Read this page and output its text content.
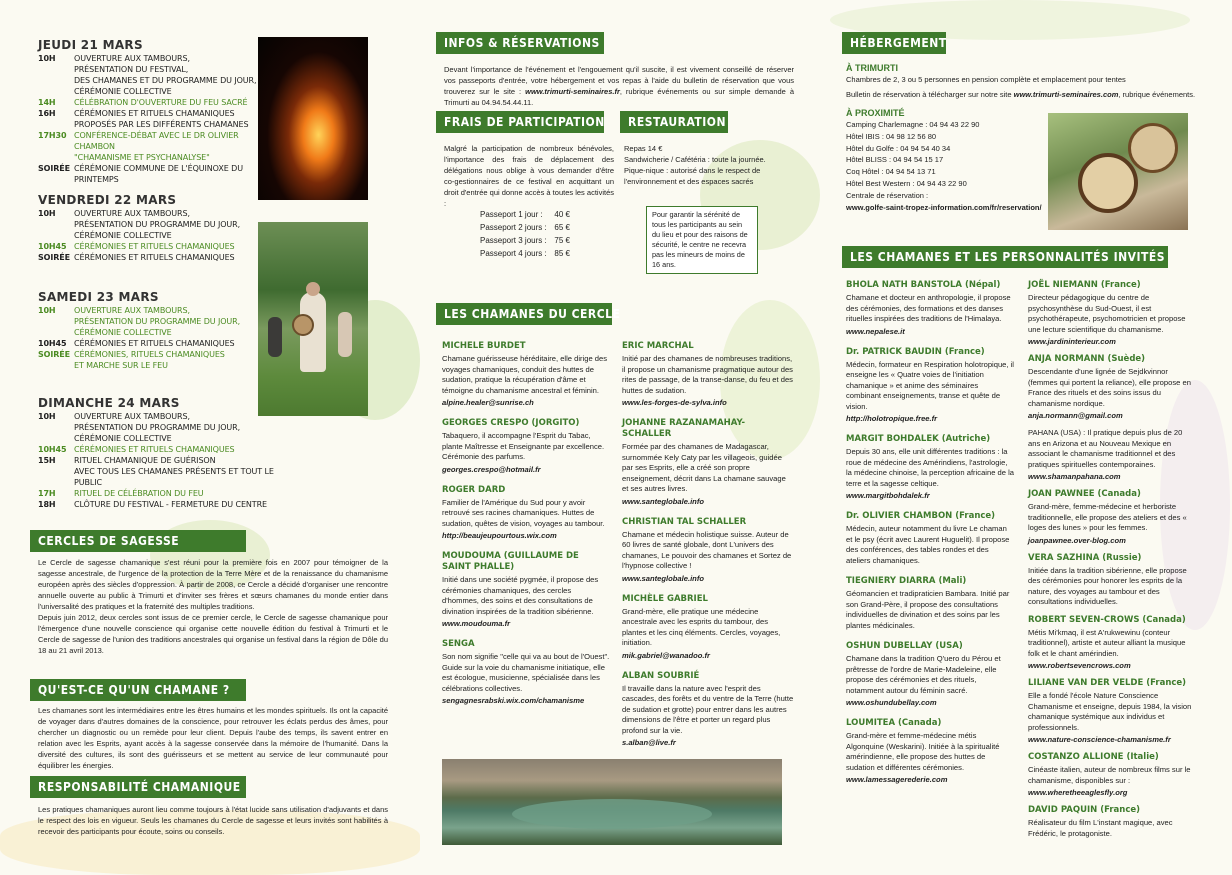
JEUDI 21 MARS
10H	OUVERTURE AUX TAMBOURS,
PRÉSENTATION DU FESTIVAL,
DES CHAMANES ET DU PROGRAMME DU JOUR,
CÉRÉMONIE COLLECTIVE
14H	CÉLÉBRATION D'OUVERTURE DU FEU SACRÉ
16H	CÉRÉMONIES ET RITUELS CHAMANIQUES
PROPOSÉS PAR LES DIFFÉRENTS CHAMANES
17H30 CONFÉRENCE-DÉBAT AVEC LE DR OLIVIER CHAMBON
"CHAMANISME ET PSYCHANALYSE"
SOIRÉE CÉRÉMONIE COMMUNE DE L'ÉQUINOXE DU PRINTEMPS
VENDREDI 22 MARS
10H	OUVERTURE AUX TAMBOURS,
PRÉSENTATION DU PROGRAMME DU JOUR,
CÉRÉMONIE COLLECTIVE
10H45 CÉRÉMONIES ET RITUELS CHAMANIQUES
SOIRÉE CÉRÉMONIES ET RITUELS CHAMANIQUES
SAMEDI 23 MARS
10H	OUVERTURE AUX TAMBOURS,
PRÉSENTATION DU PROGRAMME DU JOUR,
CÉRÉMONIE COLLECTIVE
10H45 CÉRÉMONIES ET RITUELS CHAMANIQUES
SOIRÉE CÉRÉMONIES, RITUELS CHAMANIQUES
ET MARCHE SUR LE FEU
DIMANCHE 24 MARS
10H	OUVERTURE AUX TAMBOURS,
PRÉSENTATION DU PROGRAMME DU JOUR,
CÉRÉMONIE COLLECTIVE
10H45 CÉRÉMONIES ET RITUELS CHAMANIQUES
15H	RITUEL CHAMANIQUE DE GUÉRISON
AVEC TOUS LES CHAMANES PRÉSENTS ET TOUT LE PUBLIC
17H	RITUEL DE CÉLÉBRATION DU FEU
18H	CLÔTURE DU FESTIVAL - FERMETURE DU CENTRE
CERCLES DE SAGESSE
Le Cercle de sagesse chamanique s'est réuni pour la première fois en 2007 pour témoigner de la sagesse ancestrale, de l'urgence de la protection de la Terre Mère et de la renaissance du chamanisme européen après des siècles d'oppression. À partir de 2008, ce Cercle a décidé d'organiser une rencontre annuelle ouverte au public à Trimurti et d'inviter ses frères et sœurs chamanes du monde entier dans l'universalité des pratiques et la fraternité des multiples traditions.
Depuis juin 2012, deux cercles sont issus de ce premier cercle, le Cercle de sagesse chamanique pour l'émergence d'une nouvelle conscience qui organise cette nouvelle édition du festival à Trimurti et le Cercle de sagesse de l'union des traditions ancestrales qui organise un festival dans la région de Dôle du 18 au 21 avril 2013.
QU'EST-CE QU'UN CHAMANE ?
Les chamanes sont les intermédiaires entre les êtres humains et les mondes spirituels. Ils ont la capacité de voyager dans d'autres domaines de la conscience, pour retrouver les éclats perdus des âmes, pour chercher un diagnostic ou un remède pour leur client. Depuis l'aube des temps, ils savent entrer en relation avec les Esprits, ayant accès à la sagesse conservée dans la mémoire de l'humanité. Dans la diversité des cultures, ils sont des guérisseurs et se mettent au service de leur communauté pour équilibrer les énergies.
RESPONSABILITÉ CHAMANIQUE
Les pratiques chamaniques auront lieu comme toujours à l'état lucide sans utilisation d'adjuvants et dans le respect des lois en vigueur. Seuls les chamanes du Cercle de sagesse et leurs invités sont habilités à recevoir des participants pour écoute, soins ou conseils.
INFOS & RÉSERVATIONS
Devant l'importance de l'événement et l'engouement qu'il suscite, il est vivement conseillé de réserver vos passeports d'entrée, votre hébergement et vos repas à l'aide du bulletin de réservation que vous trouverez sur le site : www.trimurti-seminaires.fr, rubrique événements ou sur simple demande à Trimurti au 04.94.54.44.11.
FRAIS DE PARTICIPATION	RESTAURATION
Malgré la participation de nombreux bénévoles, l'importance des frais de déplacement des délégations nous oblige à vous demander d'être co-gestionnaires de ce festival en acquittant un droit d'entrée qui donne accès à toutes les activités :
Passeport 1 jour :	40 €
Passeport 2 jours : 65 €
Passeport 3 jours : 75 €
Passeport 4 jours : 85 €
Repas 14 €
Sandwicherie / Cafétéria : toute la journée.
Pique-nique : autorisé dans le respect de l'environnement et des espaces sacrés
Pour garantir la sérénité de tous les participants au sein du lieu et pour des raisons de sécurité, le centre ne recevra pas les mineurs de moins de 16 ans.
LES CHAMANES DU CERCLE
MICHELE BURDET
Chamane guérisseuse héréditaire, elle dirige des voyages chamaniques, conduit des huttes de sudation, pratique la récupération d'âme et témoigne du chamanisme ancestral et féminin.
alpine.healer@sunrise.ch
GEORGES CRESPO (JORGITO)
Tabaquero, il accompagne l'Esprit du Tabac, plante Maîtresse et Enseignante par excellence. Cérémonie des parfums.
georges.crespo@hotmail.fr
ROGER DARD
Familier de l'Amérique du Sud pour y avoir retrouvé ses racines chamaniques. Huttes de sudation, quêtes de vision, voyages au tambour.
http://beaujeupourtous.wix.com
MOUDOUMA (GUILLAUME DE SAINT PHALLE)
Initié dans une société pygmée, il propose des cérémonies chamaniques, des cercles d'hommes, des soins et des consultations de divination inspirées de la tradition sibérienne.
www.moudouma.fr
SENGA
Son nom signifie "celle qui va au bout de l'Ouest". Guide sur la voie du chamanisme initiatique, elle est écologue, musicienne, spécialisée dans les célébrations collectives.
sengagnesrabski.wix.com/chamanisme
ERIC MARCHAL
Initié par des chamanes de nombreuses traditions, il propose un chamanisme pragmatique autour des rites de passage, de la transe-danse, du feu et des huttes de sudation.
www.les-forges-de-sylva.info
JOHANNE RAZANAMAHAY-SCHALLER
Formée par des chamanes de Madagascar, surnommée Kely Caty par les villageois, guidée par ses Esprits, elle a créé son propre enseignement, décrit dans La chamane sauvage et ses autres livres.
www.santeglobale.info
CHRISTIAN TAL SCHALLER
Chamane et médecin holistique suisse. Auteur de 60 livres de santé globale, dont L'univers des chamanes, Le pouvoir des chamanes et Sortez de l'hypnose collective !
www.santeglobale.info
MICHÈLE GABRIEL
Grand-mère, elle pratique une médecine ancestrale avec les esprits du tambour, des plantes et les cinq éléments. Cercles, voyages, initiation.
mik.gabriel@wanadoo.fr
ALBAN SOUBRIÉ
Il travaille dans la nature avec l'esprit des cascades, des forêts et du ventre de la Terre (hutte de sudation et grotte) pour entrer dans les autres dimensions de l'être et porter un regard plus profond sur la vie.
s.alban@live.fr
HÉBERGEMENT
À TRIMURTI
Chambres de 2, 3 ou 5 personnes en pension complète et emplacement pour tentes
Bulletin de réservation à télécharger sur notre site www.trimurti-seminaires.com, rubrique événements.
À PROXIMITÉ
Camping Charlemagne : 04 94 43 22 90
Hôtel IBIS : 04 98 12 56 80
Hôtel du Golfe : 04 94 54 40 34
Hôtel BLISS : 04 94 54 15 17
Coq Hôtel : 04 94 54 13 71
Hôtel Best Western : 04 94 43 22 90
Centrale de réservation :
www.golfe-saint-tropez-information.com/fr/reservation/
LES CHAMANES ET LES PERSONNALITÉS INVITÉS
BHOLA NATH BANSTOLA (Népal)
Chamane et docteur en anthropologie, il propose des cérémonies, des formations et des danses rituelles inspirées des traditions de l'Himalaya.
www.nepalese.it
Dr. PATRICK BAUDIN (France)
Médecin, formateur en Respiration holotropique, il enseigne les « Quatre voies de l'initiation chamanique » et anime des séminaires combinant enseignements, transe et quête de vision.
http://holotropique.free.fr
MARGIT BOHDALEK (Autriche)
Depuis 30 ans, elle unit différentes traditions : la roue de médecine des Amérindiens, l'astrologie, la médecine chinoise, la perception africaine de la terre et la sagesse celtique.
www.margitbohdalek.fr
Dr. OLIVIER CHAMBON (France)
Médecin, auteur notamment du livre Le chaman et le psy (écrit avec Laurent Huguelit). Il propose des conférences, des tables rondes et des ateliers chamaniques.
TIEGNIERY DIARRA (Mali)
Géomancien et tradipraticien Bambara. Initié par son Grand-Père, il propose des consultations individuelles de divination et des soins par les plantes médicinales.
OSHUN DUBELLAY (USA)
Chamane dans la tradition Q'uero du Pérou et prêtresse de l'ordre de Marie-Madeleine, elle propose des cérémonies et des rituels, notamment autour du féminin sacré.
www.oshundubellay.com
LOUMITEA (Canada)
Grand-mère et femme-médecine métis Algonquine (Weskarini). Initiée à la spiritualité amérindienne, elle propose des huttes de sudation et différentes cérémonies.
www.lamessagerederie.com
JOËL NIEMANN (France)
Directeur pédagogique du centre de psychosynthèse du Sud-Ouest, il est psychothérapeute, psychomotricien et propose une lecture scientifique du chamanisme.
www.jardininterieur.com
ANJA NORMANN (Suède)
Descendante d'une lignée de Sejdkvinnor (femmes qui portent la reliance), elle propose en France des rituels et des soins issus du chamanisme nordique.
anja.normann@gmail.com
PAHANA (USA) : Il pratique depuis plus de 20 ans en Arizona et au Nouveau Mexique en associant le chamanisme traditionnel et des pratiques spirituelles contemporaines.
www.shamanpahana.com
JOAN PAWNEE (Canada)
Grand-mère, femme-médecine et herboriste traditionnelle, elle propose des ateliers et des « loges des lunes » pour les femmes.
joanpawnee.over-blog.com
VERA SAZHINA (Russie)
Initiée dans la tradition sibérienne, elle propose des cérémonies pour honorer les esprits de la nature, des voyages au tambour et des consultations individuelles.
ROBERT SEVEN-CROWS (Canada)
Métis Mi'kmaq, il est A'rukwewinu (conteur traditionnel), artiste et auteur alliant la musique folk et le chant amérindien.
www.robertsevencrows.com
LILIANE VAN DER VELDE (France)
Elle a fondé l'école Nature Conscience Chamanisme et enseigne, depuis 1984, la vision chamanique systémique aux individus et professionnels.
www.nature-conscience-chamanisme.fr
COSTANZO ALLIONE (Italie)
Cinéaste italien, auteur de nombreux films sur le chamanisme, disponibles sur :
www.wheretheeaglesfly.org
DAVID PAQUIN (France)
Réalisateur du film L'instant magique, avec Frédéric, le protagoniste.
